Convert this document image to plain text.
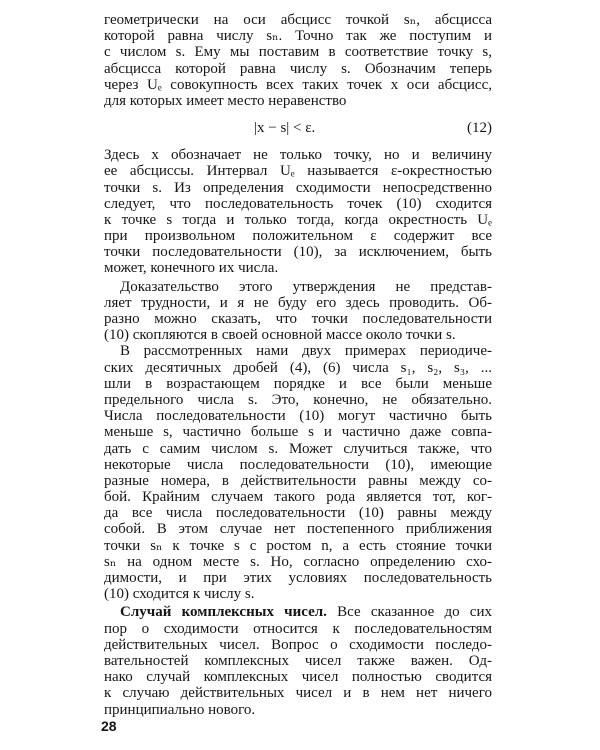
геометрически на оси абсцисс точкой sₙ, абсцисса
которой равна числу sₙ. Точно так же поступим и
с числом s. Ему мы поставим в соответствие точку s,
абсцисса которой равна числу s. Обозначим теперь
через Uₑ совокупность всех таких точек x оси абсцисс,
для которых имеет место неравенство
|x − s| < ε.	(12)
Здесь x обозначает не только точку, но и величину
ее абсциссы. Интервал Uₑ называется ε-окрестностью
точки s. Из определения сходимости непосредственно
следует, что последовательность точек (10) сходится
к точке s тогда и только тогда, когда окрестность Uₑ
при произвольном положительном ε содержит все
точки последовательности (10), за исключением, быть
может, конечного их числа.
Доказательство этого утверждения не представ-
ляет трудности, и я не буду его здесь проводить. Об-
разно можно сказать, что точки последовательности
(10) скопляются в своей основной массе около точки s.
В рассмотренных нами двух примерах периодиче-
ских десятичных дробей (4), (6) числа s₁, s₂, s₃, ...
шли в возрастающем порядке и все были меньше
предельного числа s. Это, конечно, не обязательно.
Числа последовательности (10) могут частично быть
меньше s, частично больше s и частично даже совпа-
дать с самим числом s. Может случиться также, что
некоторые числа последовательности (10), имеющие
разные номера, в действительности равны между со-
бой. Крайним случаем такого рода является тот, ког-
да все числа последовательности (10) равны между
собой. В этом случае нет постепенного приближения
точки sₙ к точке s с ростом n, а есть стояние точки
sₙ на одном месте s. Но, согласно определению схо-
димости, и при этих условиях последовательность
(10) сходится к числу s.
Случай комплексных чисел. Все сказанное до сих
пор о сходимости относится к последовательностям
действительных чисел. Вопрос о сходимости последо-
вательностей комплексных чисел также важен. Од-
нако случай комплексных чисел полностью сводится
к случаю действительных чисел и в нем нет ничего
принципиально нового.
28
